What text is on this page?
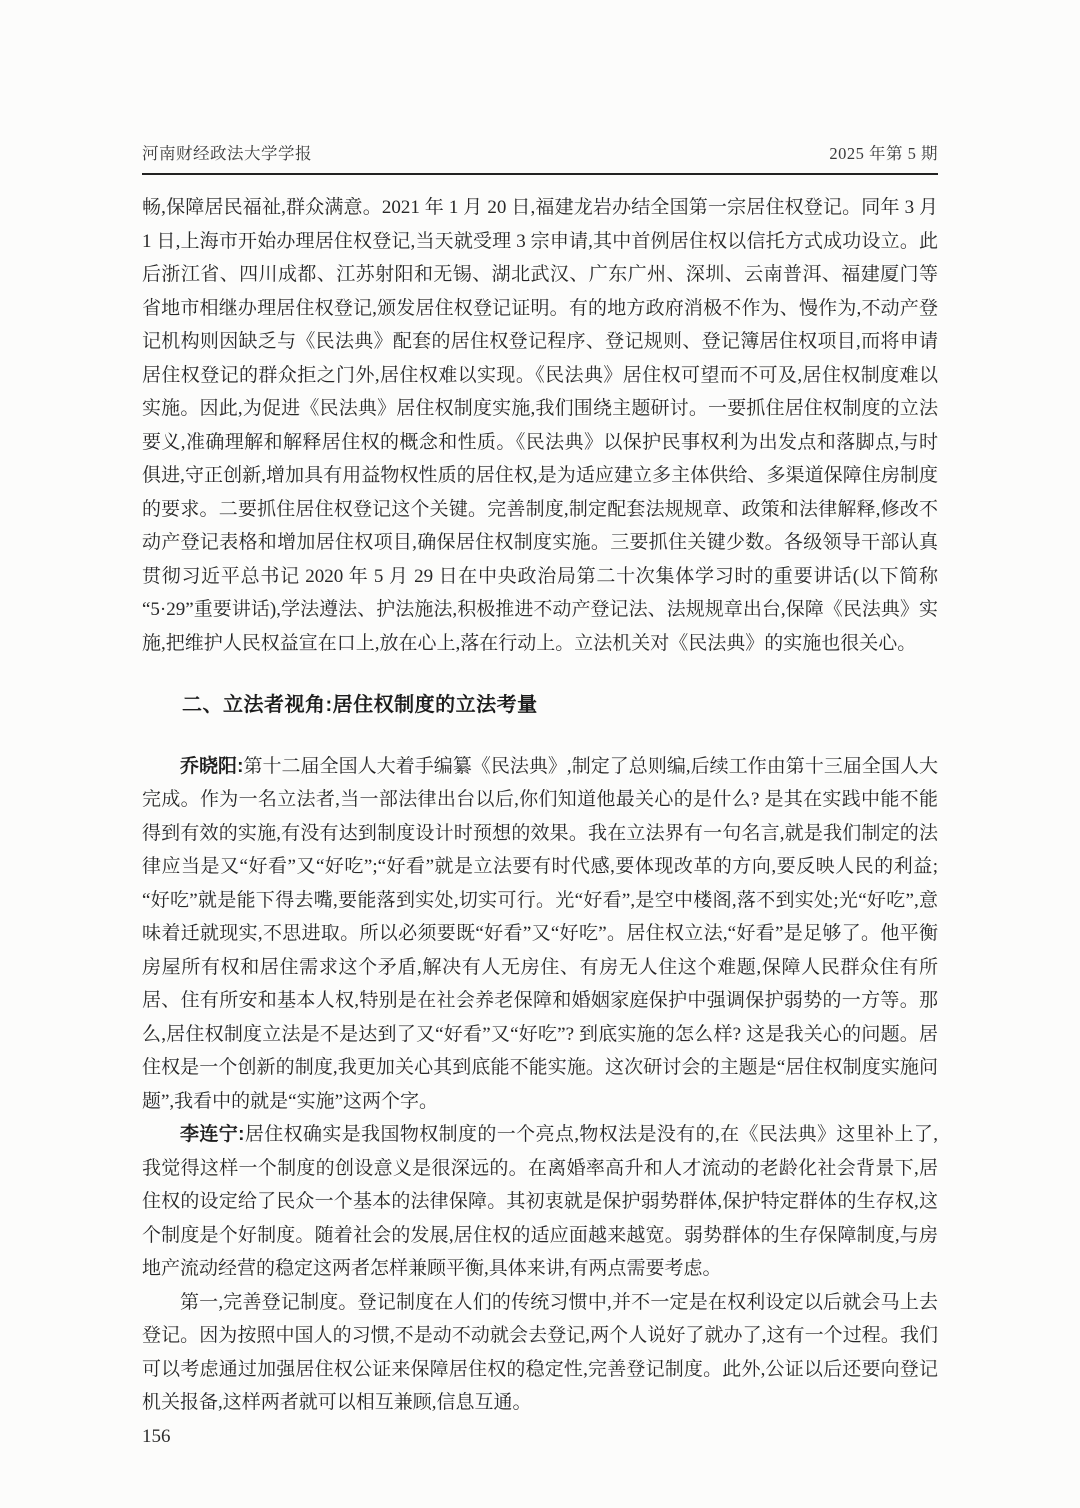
河南财经政法大学学报	2025 年第 5 期

畅,保障居民福祉,群众满意。2021 年 1 月 20 日,福建龙岩办结全国第一宗居住权登记。同年 3 月 1 日,上海市开始办理居住权登记,当天就受理 3 宗申请,其中首例居住权以信托方式成功设立。此后浙江省、四川成都、江苏射阳和无锡、湖北武汉、广东广州、深圳、云南普洱、福建厦门等省地市相继办理居住权登记,颁发居住权登记证明。有的地方政府消极不作为、慢作为,不动产登记机构则因缺乏与《民法典》配套的居住权登记程序、登记规则、登记簿居住权项目,而将申请居住权登记的群众拒之门外,居住权难以实现。《民法典》居住权可望而不可及,居住权制度难以实施。因此,为促进《民法典》居住权制度实施,我们围绕主题研讨。一要抓住居住权制度的立法要义,准确理解和解释居住权的概念和性质。《民法典》以保护民事权利为出发点和落脚点,与时俱进,守正创新,增加具有用益物权性质的居住权,是为适应建立多主体供给、多渠道保障住房制度的要求。二要抓住居住权登记这个关键。完善制度,制定配套法规规章、政策和法律解释,修改不动产登记表格和增加居住权项目,确保居住权制度实施。三要抓住关键少数。各级领导干部认真贯彻习近平总书记 2020 年 5 月 29 日在中央政治局第二十次集体学习时的重要讲话(以下简称“5·29”重要讲话),学法遵法、护法施法,积极推进不动产登记法、法规规章出台,保障《民法典》实施,把维护人民权益宣在口上,放在心上,落在行动上。立法机关对《民法典》的实施也很关心。

二、立法者视角:居住权制度的立法考量

乔晓阳:第十二届全国人大着手编纂《民法典》,制定了总则编,后续工作由第十三届全国人大完成。作为一名立法者,当一部法律出台以后,你们知道他最关心的是什么? 是其在实践中能不能得到有效的实施,有没有达到制度设计时预想的效果。我在立法界有一句名言,就是我们制定的法律应当是又“好看”又“好吃”;“好看”就是立法要有时代感,要体现改革的方向,要反映人民的利益;“好吃”就是能下得去嘴,要能落到实处,切实可行。光“好看”,是空中楼阁,落不到实处;光“好吃”,意味着迁就现实,不思进取。所以必须要既“好看”又“好吃”。居住权立法,“好看”是足够了。他平衡房屋所有权和居住需求这个矛盾,解决有人无房住、有房无人住这个难题,保障人民群众住有所居、住有所安和基本人权,特别是在社会养老保障和婚姻家庭保护中强调保护弱势的一方等。那么,居住权制度立法是不是达到了又“好看”又“好吃”? 到底实施的怎么样? 这是我关心的问题。居住权是一个创新的制度,我更加关心其到底能不能实施。这次研讨会的主题是“居住权制度实施问题”,我看中的就是“实施”这两个字。

李连宁:居住权确实是我国物权制度的一个亮点,物权法是没有的,在《民法典》这里补上了,我觉得这样一个制度的创设意义是很深远的。在离婚率高升和人才流动的老龄化社会背景下,居住权的设定给了民众一个基本的法律保障。其初衷就是保护弱势群体,保护特定群体的生存权,这个制度是个好制度。随着社会的发展,居住权的适应面越来越宽。弱势群体的生存保障制度,与房地产流动经营的稳定这两者怎样兼顾平衡,具体来讲,有两点需要考虑。

第一,完善登记制度。登记制度在人们的传统习惯中,并不一定是在权利设定以后就会马上去登记。因为按照中国人的习惯,不是动不动就会去登记,两个人说好了就办了,这有一个过程。我们可以考虑通过加强居住权公证来保障居住权的稳定性,完善登记制度。此外,公证以后还要向登记机关报备,这样两者就可以相互兼顾,信息互通。

156
